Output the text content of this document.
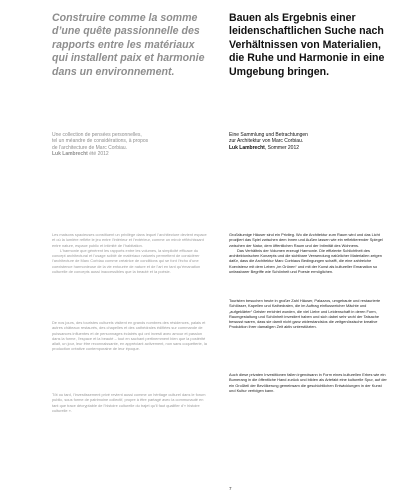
Construire comme la somme d’une quête passionnelle des rapports entre les matériaux qui installent paix et harmonie dans un environnement.
Bauen als Ergebnis einer leidenschaftlichen Suche nach Verhältnissen von Materialien, die Ruhe und Harmonie in eine Umgebung bringen.
Une collection de pensées personnelles,
tel un méandre de considérations, à propos
de l’architecture de Marc Corbiau.
Luk Lambrecht été 2012
Eine Sammlung und Betrachtungen
zur Architektur von Marc Corbiau.
Luk Lambrecht, Sommer 2012

Les maisons spacieuses constituent un privilège dans lequel l’architecture devient espace et où la lumière reflète le jeu entre l’intérieur et l’extérieur, comme un miroir réfléchissant entre nature, espace public et intimité de l’habitation.

L’harmonie que génèrent les rapports entre les volumes, la simplicité efficace du concept architectural et l’usage sciblé de matériaux naturels permettent de considérer l’architecture de Marc Corbiau comme créatrice de conditions qui se font l’écho d’une coexistence harmonieuse de la vie entourée de nature et de l’art en tant qu’émanation culturelle de concepts aussi inaccessibles que la beauté et la poésie.

De nos jours, des touristes culturels visitent en grands nombres des résidences, palais et autres châteaux restaurés, des chapelles et des cathédrales édifiées sur commande de puissances influentes et de personnages éclairés qui ont investi avec amour et passion dans la forme, l’espace et la beauté – tout en sachant pertinemment bien que la postérité allait, un jour, leur être reconnaissante, en appréciant activement, non sans coquetterie, la production créative contemporaine de leur époque.

Tôt ou tard, l’investissement privé revient aussi comme un héritage culturel dans le forum public, sous forme de patrimoine collectif, propre à être partagé avec la communauté en tant que trace décryptable de l’histoire culturelle du trajet qu’il faut qualifier d’« histoire culturelle ».

Großräumige Häuser sind ein Privileg. Wo die Architektur zum Raum wird und das Licht prozijiert das Spiel zwischen dem Innen und Außen lassen wie ein reflektierender Spiegel zwischen der Natur, dem öffentlichen Raum und der Intimität des Wohnens.

Das Verhältnis der Volumen erzeugt Harmonie. Die effiziente Schlichtheit des architektonischen Konzepts und die sichtbare Verwendung natürlicher Materialien zeigen dafür, dass die Architektur Marc Corbiaus Bedingungen schafft, die eine zahlreiche Koexistenz mit dem Leben „im Grünen“ und mit der Kunst als kultureller Emanation so unfassbarer Begriffe wie Schönheit und Poesie ermöglichen.

Touristen besuchen heute in großer Zahl Häuser, Palazzos, umgebaute und restaurierte Schlösser, Kapellen und Kathedralen, die im Auftrag einflussreicher Mächte und „aufgeklärter“ Geister errichtet wurden, die viel Liebe und Leidenschaft in deren Form, Raumgestaltung und Schönheit investiert haben und sich dabei sehr wohl der Tatsache bewusst waren, dass sie damit nicht ganz widerstandslos die zeitgenössische kreative Produktion ihrer damaligen Zeit aktiv unterstützten.

Auch diese privaten Investitionen fallen irgendwann in Form eines kulturellen Erbes wie ein Bumerang in die öffentliche Hand zurück und bilden als Artefakt eine kulturelle Spur, auf der ein Großteil der Bevölkerung gemeinsam die geschichtlichen Entwicklungen in der Kunst und Kultur verfolgen kann.

7
